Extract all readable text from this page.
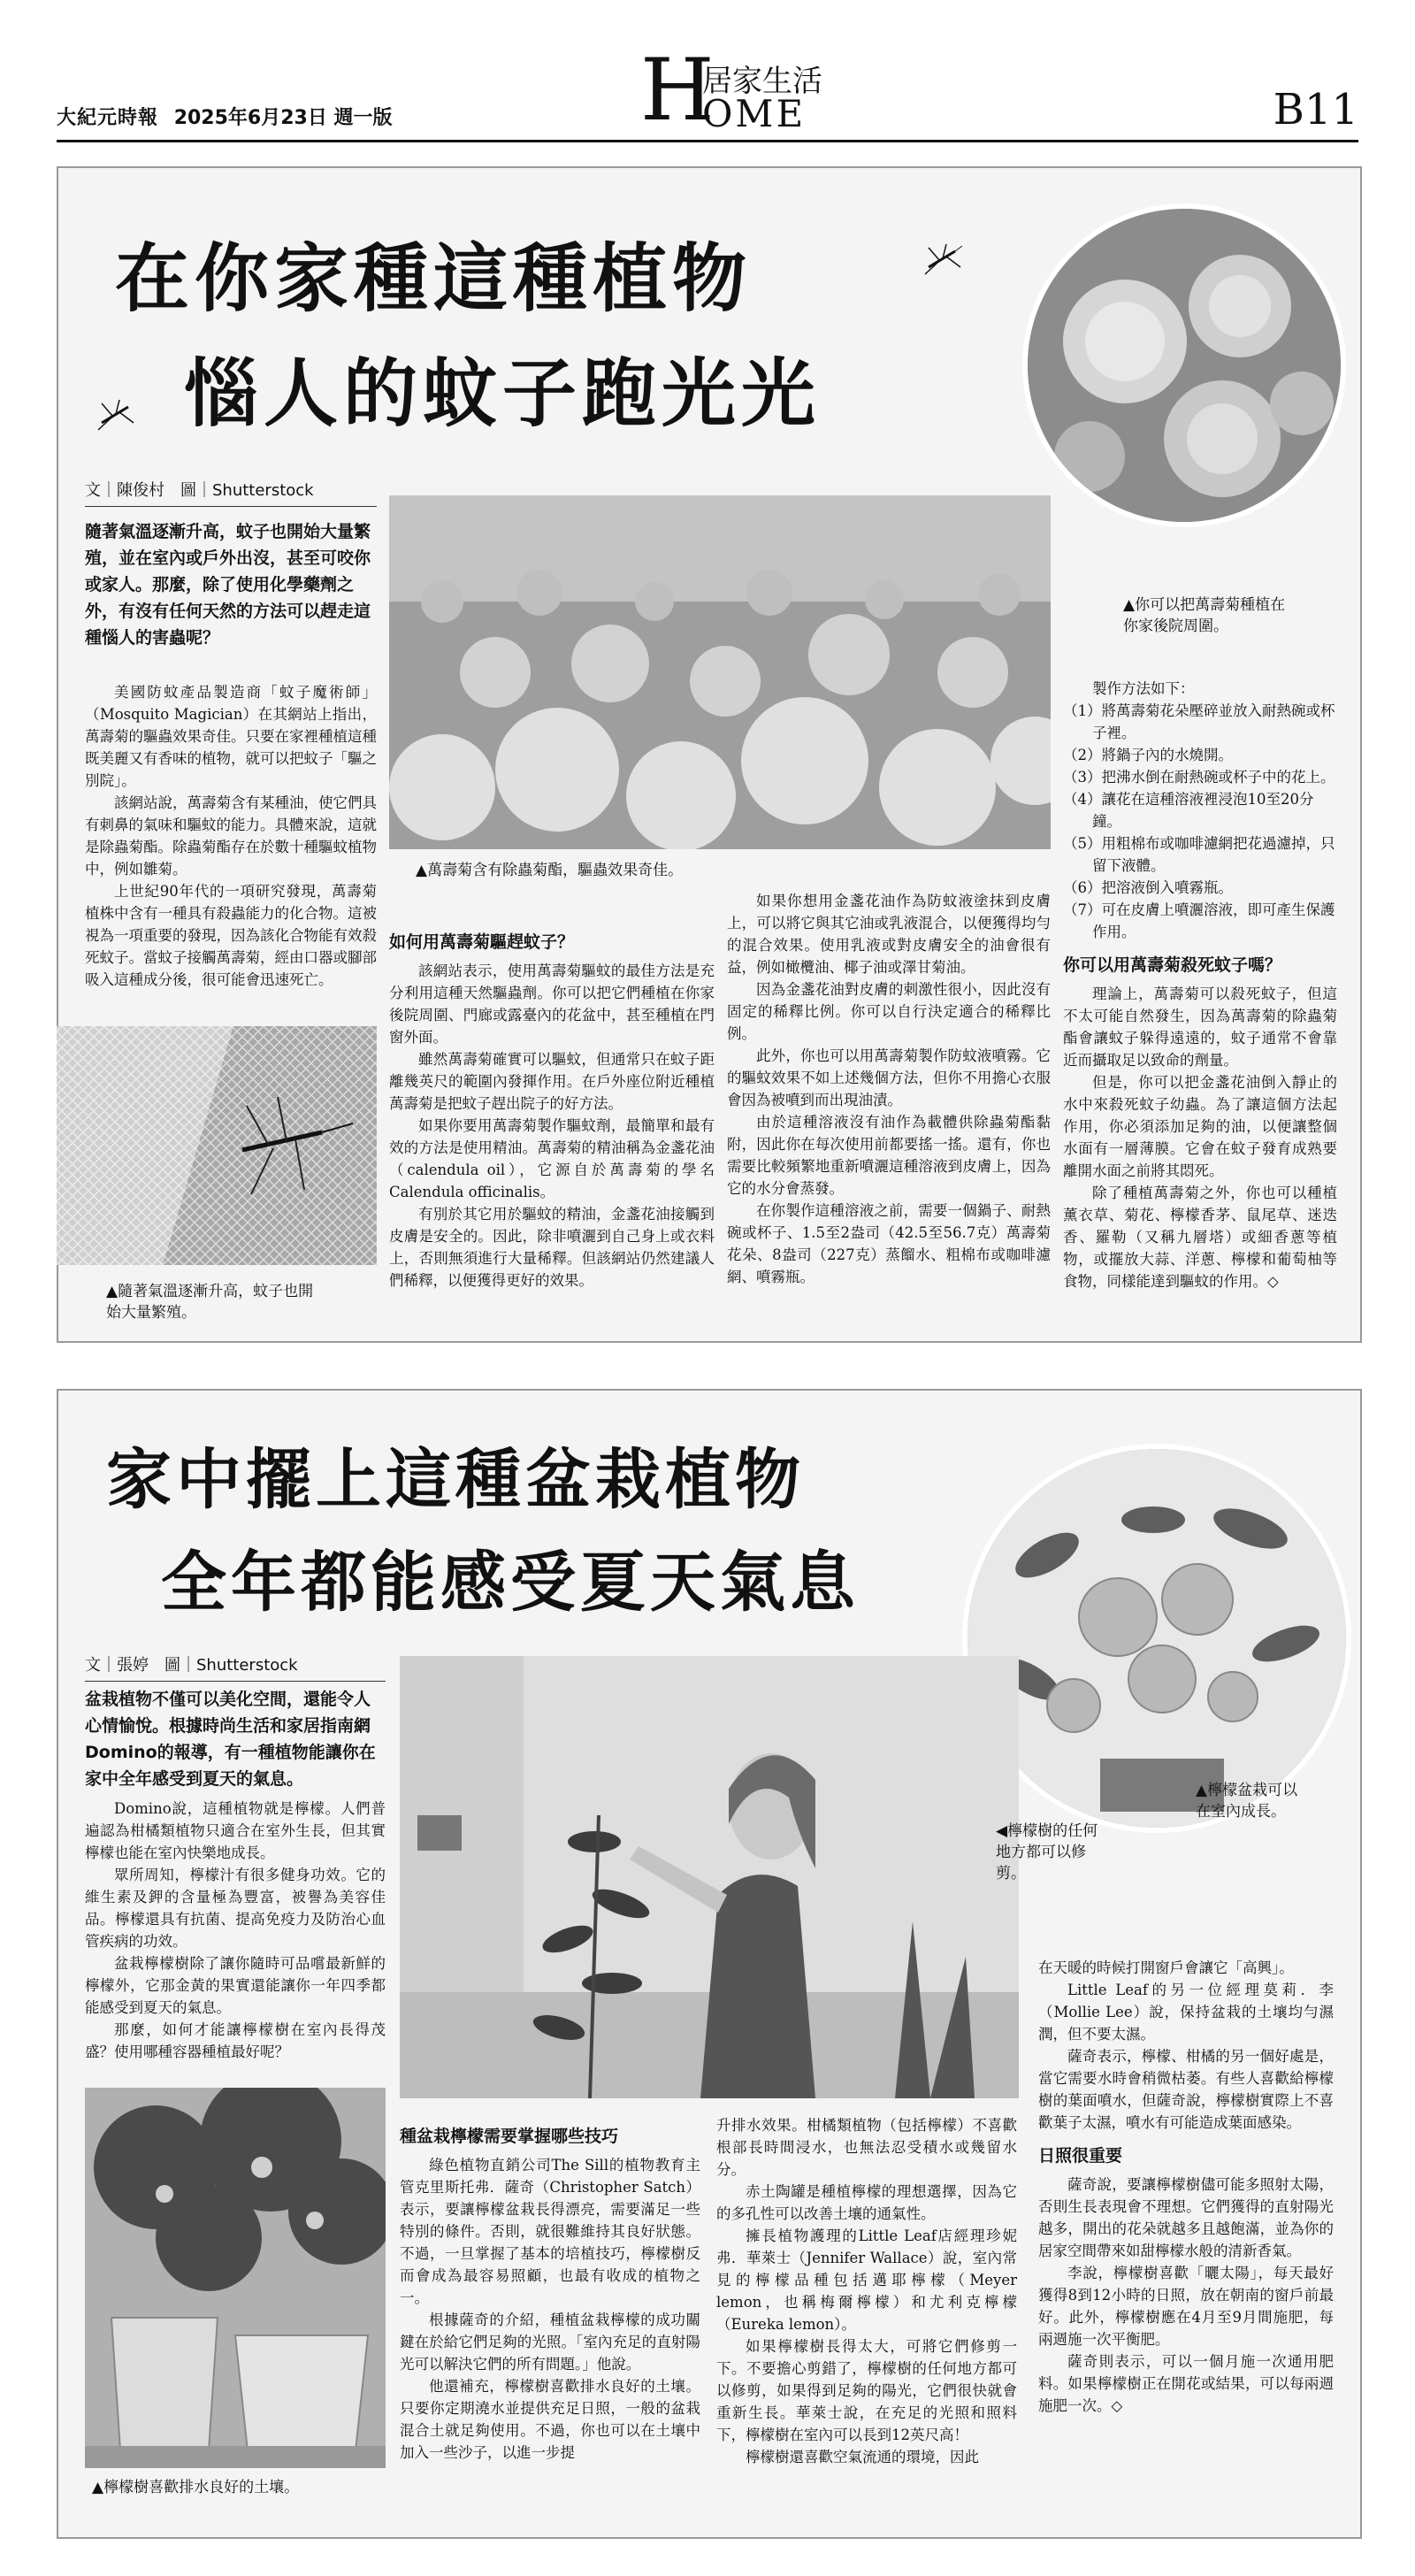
大紀元時報 2025年6月23日 週一版	H
居家生活
OME	B11
在你家種這種植物
惱人的蚊子跑光光
▲你可以把萬壽菊種植在你家後院周圍。
文｜陳俊村　圖｜Shutterstock
隨著氣溫逐漸升高，蚊子也開始大量繁殖，並在室內或戶外出沒，甚至可咬你或家人。那麼，除了使用化學藥劑之外，有沒有任何天然的方法可以趕走這種惱人的害蟲呢？

美國防蚊產品製造商「蚊子魔術師」（Mosquito Magician）在其網站上指出，萬壽菊的驅蟲效果奇佳。只要在家裡種植這種既美麗又有香味的植物，就可以把蚊子「驅之別院」。

該網站說，萬壽菊含有某種油，使它們具有刺鼻的氣味和驅蚊的能力。具體來說，這就是除蟲菊酯。除蟲菊酯存在於數十種驅蚊植物中，例如雛菊。

上世紀90年代的一項研究發現，萬壽菊植株中含有一種具有殺蟲能力的化合物。這被視為一項重要的發現，因為該化合物能有效殺死蚊子。當蚊子接觸萬壽菊，經由口器或腳部吸入這種成分後，很可能會迅速死亡。

▲隨著氣溫逐漸升高，蚊子也開始大量繁殖。
▲萬壽菊含有除蟲菊酯，驅蟲效果奇佳。
如何用萬壽菊驅趕蚊子？

該網站表示，使用萬壽菊驅蚊的最佳方法是充分利用這種天然驅蟲劑。你可以把它們種植在你家後院周圍、門廊或露臺內的花盆中，甚至種植在門窗外面。

雖然萬壽菊確實可以驅蚊，但通常只在蚊子距離幾英尺的範圍內發揮作用。在戶外座位附近種植萬壽菊是把蚊子趕出院子的好方法。

如果你要用萬壽菊製作驅蚊劑，最簡單和最有效的方法是使用精油。萬壽菊的精油稱為金盞花油（calendula oil），它源自於萬壽菊的學名Calendula officinalis。

有別於其它用於驅蚊的精油，金盞花油接觸到皮膚是安全的。因此，除非噴灑到自己身上或衣料上，否則無須進行大量稀釋。但該網站仍然建議人們稀釋，以便獲得更好的效果。

如果你想用金盞花油作為防蚊液塗抹到皮膚上，可以將它與其它油或乳液混合，以便獲得均勻的混合效果。使用乳液或對皮膚安全的油會很有益，例如橄欖油、椰子油或澤甘菊油。

因為金盞花油對皮膚的刺激性很小，因此沒有固定的稀釋比例。你可以自行決定適合的稀釋比例。

此外，你也可以用萬壽菊製作防蚊液噴霧。它的驅蚊效果不如上述幾個方法，但你不用擔心衣服會因為被噴到而出現油漬。

由於這種溶液沒有油作為載體供除蟲菊酯黏附，因此你在每次使用前都要搖一搖。還有，你也需要比較頻繁地重新噴灑這種溶液到皮膚上，因為它的水分會蒸發。

在你製作這種溶液之前，需要一個鍋子、耐熱碗或杯子、1.5至2盎司（42.5至56.7克）萬壽菊花朵、8盎司（227克）蒸餾水、粗棉布或咖啡濾網、噴霧瓶。

製作方法如下：

（1）將萬壽菊花朵壓碎並放入耐熱碗或杯子裡。
（2）將鍋子內的水燒開。
（3）把沸水倒在耐熱碗或杯子中的花上。
（4）讓花在這種溶液裡浸泡10至20分鐘。
（5）用粗棉布或咖啡濾網把花過濾掉，只留下液體。
（6）把溶液倒入噴霧瓶。
（7）可在皮膚上噴灑溶液，即可產生保護作用。
你可以用萬壽菊殺死蚊子嗎？

理論上，萬壽菊可以殺死蚊子，但這不太可能自然發生，因為萬壽菊的除蟲菊酯會讓蚊子躲得遠遠的，蚊子通常不會靠近而攝取足以致命的劑量。

但是，你可以把金盞花油倒入靜止的水中來殺死蚊子幼蟲。為了讓這個方法起作用，你必須添加足夠的油，以便讓整個水面有一層薄膜。它會在蚊子發育成熟要離開水面之前將其悶死。

除了種植萬壽菊之外，你也可以種植薰衣草、菊花、檸檬香茅、鼠尾草、迷迭香、羅勒（又稱九層塔）或細香蔥等植物，或擺放大蒜、洋蔥、檸檬和葡萄柚等食物，同樣能達到驅蚊的作用。◇

家中擺上這種盆栽植物
全年都能感受夏天氣息
▲檸檬盆栽可以在室內成長。
文｜張婷　圖｜Shutterstock
盆栽植物不僅可以美化空間，還能令人心情愉悅。根據時尚生活和家居指南網Domino的報導，有一種植物能讓你在家中全年感受到夏天的氣息。

Domino說，這種植物就是檸檬。人們普遍認為柑橘類植物只適合在室外生長，但其實檸檬也能在室內快樂地成長。

眾所周知，檸檬汁有很多健身功效。它的維生素及鉀的含量極為豐富，被譽為美容佳品。檸檬還具有抗菌、提高免疫力及防治心血管疾病的功效。

盆栽檸檬樹除了讓你隨時可品嚐最新鮮的檸檬外，它那金黃的果實還能讓你一年四季都能感受到夏天的氣息。

那麼，如何才能讓檸檬樹在室內長得茂盛？使用哪種容器種植最好呢？

▲檸檬樹喜歡排水良好的土壤。
◀檸檬樹的任何地方都可以修剪。
種盆栽檸檬需要掌握哪些技巧

綠色植物直銷公司The Sill的植物教育主管克里斯托弗．薩奇（Christopher Satch）表示，要讓檸檬盆栽長得漂亮，需要滿足一些特別的條件。否則，就很難維持其良好狀態。不過，一旦掌握了基本的培植技巧，檸檬樹反而會成為最容易照顧，也最有收成的植物之一。

根據薩奇的介紹，種植盆栽檸檬的成功關鍵在於給它們足夠的光照。「室內充足的直射陽光可以解決它們的所有問題。」他說。

他還補充，檸檬樹喜歡排水良好的土壤。只要你定期澆水並提供充足日照，一般的盆栽混合土就足夠使用。不過，你也可以在土壤中加入一些沙子，以進一步提

升排水效果。柑橘類植物（包括檸檬）不喜歡根部長時間浸水，也無法忍受積水或幾留水分。

赤土陶罐是種植檸檬的理想選擇，因為它的多孔性可以改善土壤的通氣性。

擁長植物護理的Little Leaf店經理珍妮弗．華萊士（Jennifer Wallace）說，室內常見的檸檬品種包括邁耶檸檬（Meyer lemon，也稱梅爾檸檬）和尤利克檸檬（Eureka lemon）。

如果檸檬樹長得太大，可將它們修剪一下。不要擔心剪錯了，檸檬樹的任何地方都可以修剪，如果得到足夠的陽光，它們很快就會重新生長。華萊士說，在充足的光照和照料下，檸檬樹在室內可以長到12英尺高！

檸檬樹還喜歡空氣流通的環境，因此

在天暖的時候打開窗戶會讓它「高興」。

Little Leaf的另一位經理莫莉．李（Mollie Lee）說，保持盆栽的土壤均勻濕潤，但不要太濕。

薩奇表示，檸檬、柑橘的另一個好處是，當它需要水時會稍微枯萎。有些人喜歡給檸檬樹的葉面噴水，但薩奇說，檸檬樹實際上不喜歡葉子太濕，噴水有可能造成葉面感染。

日照很重要

薩奇說，要讓檸檬樹儘可能多照射太陽，否則生長表現會不理想。它們獲得的直射陽光越多，開出的花朵就越多且越飽滿，並為你的居家空間帶來如甜檸檬水般的清新香氣。

李說，檸檬樹喜歡「曬太陽」，每天最好獲得8到12小時的日照，放在朝南的窗戶前最好。此外，檸檬樹應在4月至9月間施肥，每兩週施一次平衡肥。

薩奇則表示，可以一個月施一次通用肥料。如果檸檬樹正在開花或結果，可以每兩週施肥一次。◇
